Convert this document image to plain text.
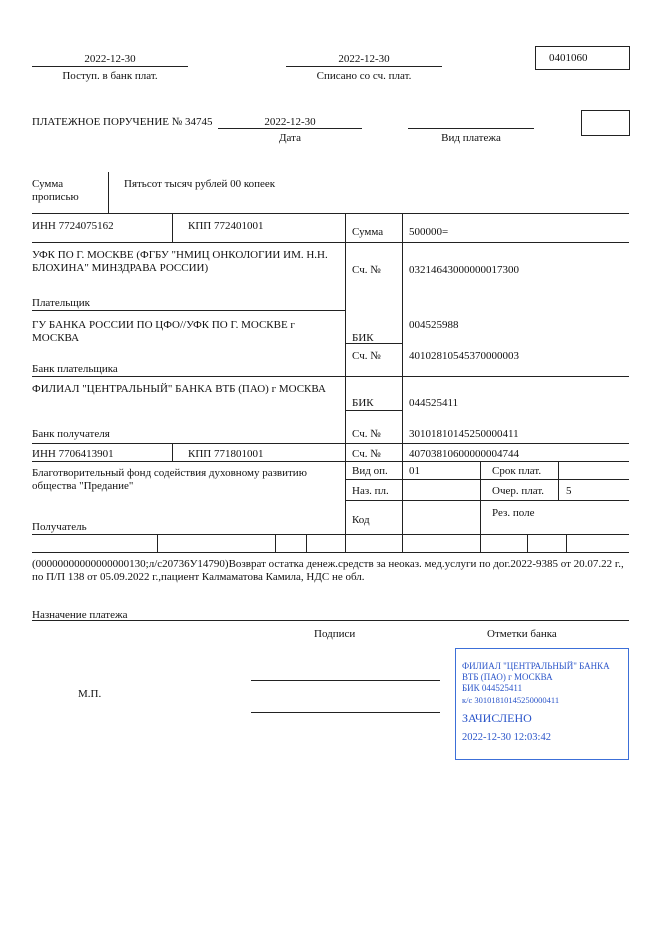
2022-12-30
Поступ. в банк плат.
2022-12-30
Списано со сч. плат.
0401060
ПЛАТЕЖНОЕ ПОРУЧЕНИЕ № 34745	2022-12-30
Дата	Вид платежа
Сумма
прописью
Пятьсот тысяч рублей 00 копеек
ИНН 7724075162	КПП 772401001	Сумма 500000=
УФК ПО Г. МОСКВЕ (ФГБУ "НМИЦ ОНКОЛОГИИ ИМ. Н.Н. БЛОХИНА" МИНЗДРАВА РОССИИ)	Сч. №	03214643000000017300
Плательщик
ГУ БАНКА РОССИИ ПО ЦФО//УФК ПО Г. МОСКВЕ г МОСКВА
004525988
БИК
Сч. №	40102810545370000003
Банк плательщика
ФИЛИАЛ "ЦЕНТРАЛЬНЫЙ" БАНКА ВТБ (ПАО) г МОСКВА
БИК	044525411
Сч. №	30101810145250000411
Банк получателя
ИНН 7706413901	КПП 771801001	Сч. №	40703810600000004744
Благотворительный фонд содействия духовному развитию общества "Предание"
Получатель
Вид оп. 01
Наз. пл.
Код
Срок плат.
Очер. плат. 5
Рез. поле
(00000000000000000130;л/с20736У14790)Возврат остатка денеж.средств за неоказ. мед.услуги по дог.2022-9385 от 20.07.22 г., по П/П 138 от 05.09.2022 г.,пациент Калмаматова Камила, НДС не обл.
Назначение платежа
Подписи	Отметки банка
М.П.
ФИЛИАЛ "ЦЕНТРАЛЬНЫЙ" БАНКА
ВТБ (ПАО) г МОСКВА
БИК 044525411
к/с 30101810145250000411
ЗАЧИСЛЕНО
2022-12-30 12:03:42
